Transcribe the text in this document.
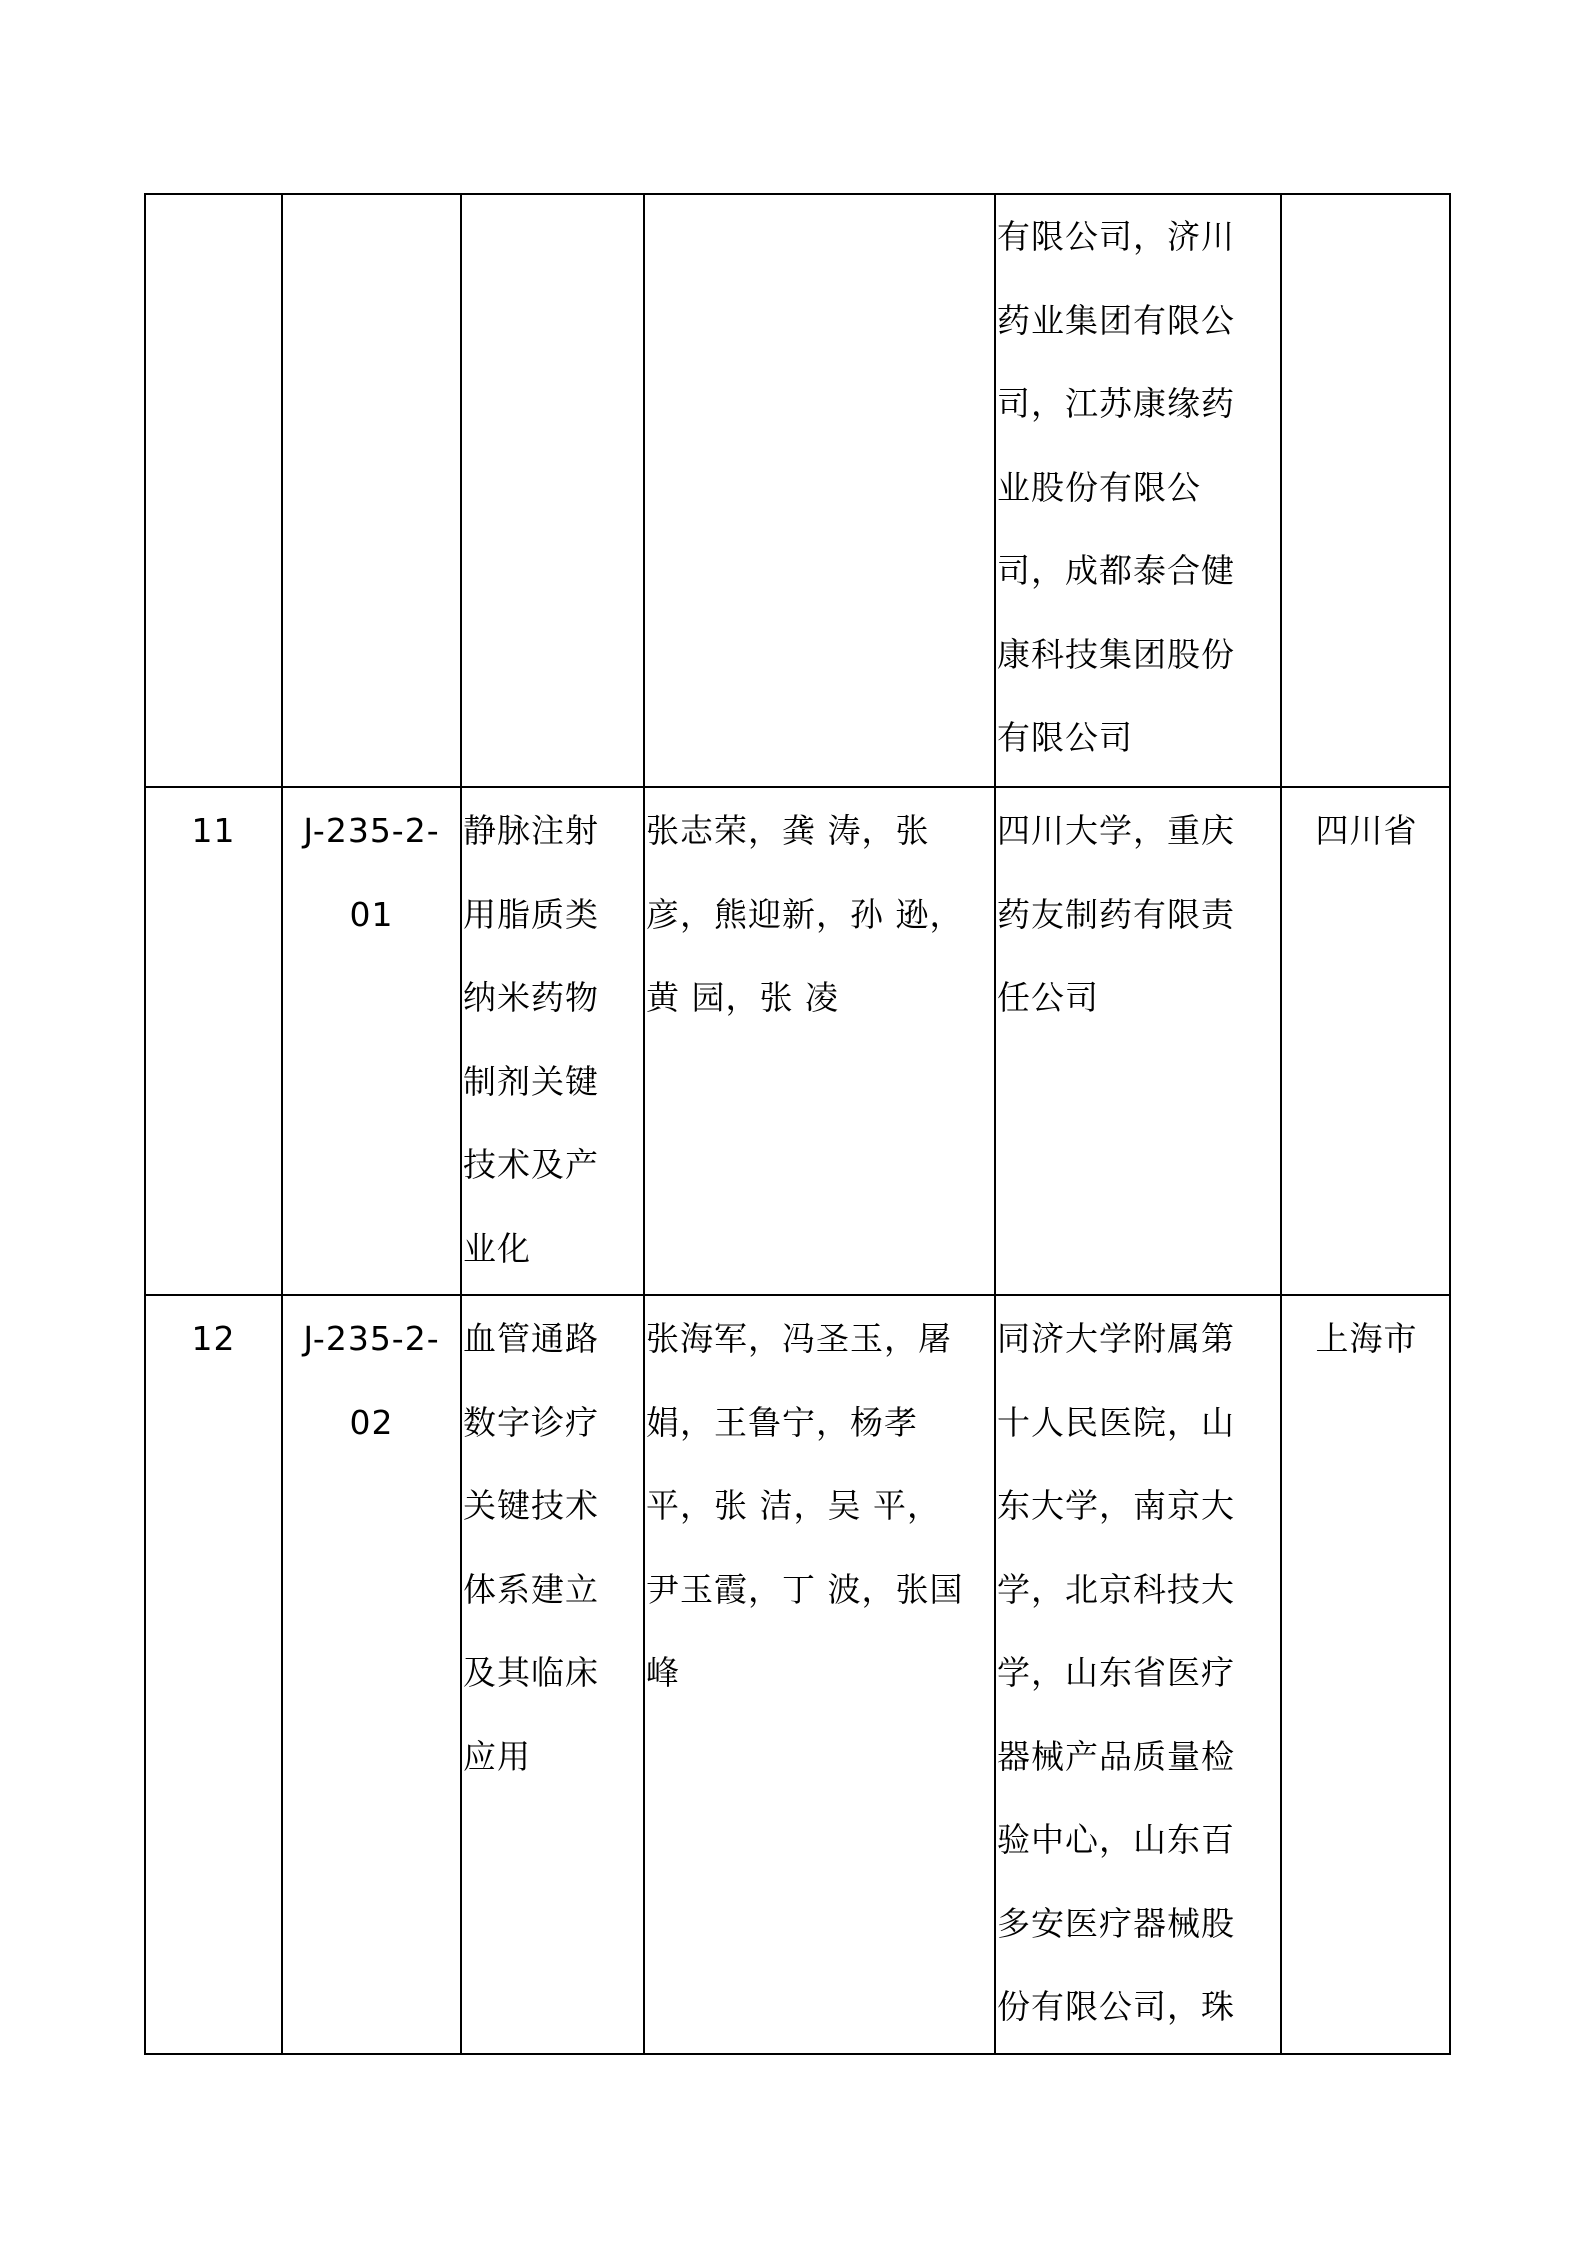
有限公司，济川
药业集团有限公
司，江苏康缘药
业股份有限公
司，成都泰合健
康科技集团股份
有限公司
11	J-235-2-
01
静脉注射
用脂质类
纳米药物
制剂关键
技术及产
业化
张志荣，龚 涛，张
彦，熊迎新，孙 逊，
黄 园，张 凌
四川大学，重庆
药友制药有限责
任公司
四川省
12	J-235-2-
02
血管通路
数字诊疗
关键技术
体系建立
及其临床
应用
张海军，冯圣玉，屠
娟，王鲁宁，杨孝
平，张 洁，吴 平，
尹玉霞，丁 波，张国
峰
同济大学附属第
十人民医院，山
东大学，南京大
学，北京科技大
学，山东省医疗
器械产品质量检
验中心，山东百
多安医疗器械股
份有限公司，珠
上海市
